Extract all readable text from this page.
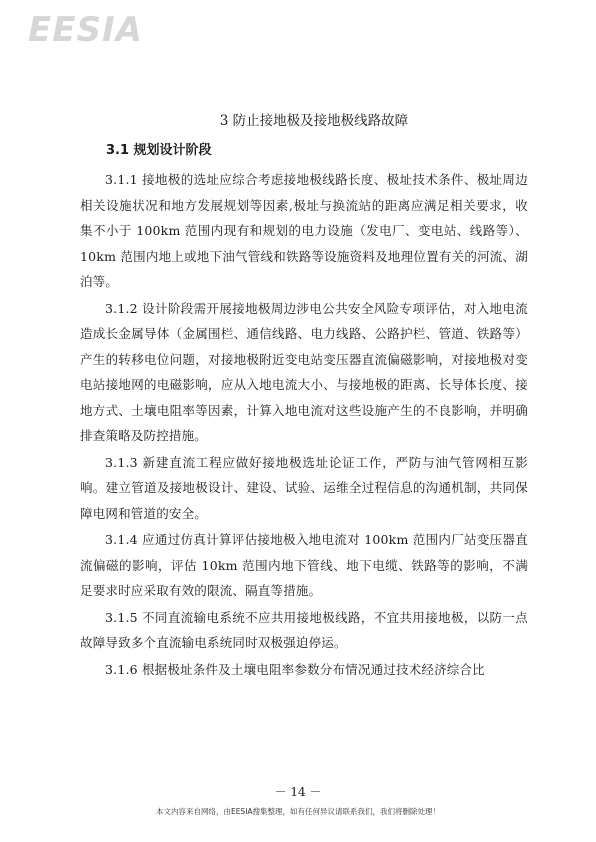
EESIA
3 防止接地极及接地极线路故障
3.1 规划设计阶段

3.1.1 接地极的选址应综合考虑接地极线路长度、极址技术条件、极址周边相关设施状况和地方发展规划等因素,极址与换流站的距离应满足相关要求，收集不小于 100km 范围内现有和规划的电力设施（发电厂、变电站、线路等）、10km 范围内地上或地下油气管线和铁路等设施资料及地理位置有关的河流、湖泊等。

3.1.2 设计阶段需开展接地极周边涉电公共安全风险专项评估，对入地电流造成长金属导体（金属围栏、通信线路、电力线路、公路护栏、管道、铁路等）产生的转移电位问题，对接地极附近变电站变压器直流偏磁影响，对接地极对变电站接地网的电磁影响，应从入地电流大小、与接地极的距离、长导体长度、接地方式、土壤电阻率等因素，计算入地电流对这些设施产生的不良影响，并明确排查策略及防控措施。

3.1.3 新建直流工程应做好接地极选址论证工作，严防与油气管网相互影响。建立管道及接地极设计、建设、试验、运维全过程信息的沟通机制，共同保障电网和管道的安全。

3.1.4 应通过仿真计算评估接地极入地电流对 100km 范围内厂站变压器直流偏磁的影响，评估 10km 范围内地下管线、地下电缆、铁路等的影响，不满足要求时应采取有效的限流、隔直等措施。

3.1.5 不同直流输电系统不应共用接地极线路，不宜共用接地极，以防一点故障导致多个直流输电系统同时双极强迫停运。

3.1.6 根据极址条件及土壤电阻率参数分布情况通过技术经济综合比

－ 14 －
本文内容来自网络，由EESIA搜集整理，如有任何异议请联系我们，我们将删除处理！
